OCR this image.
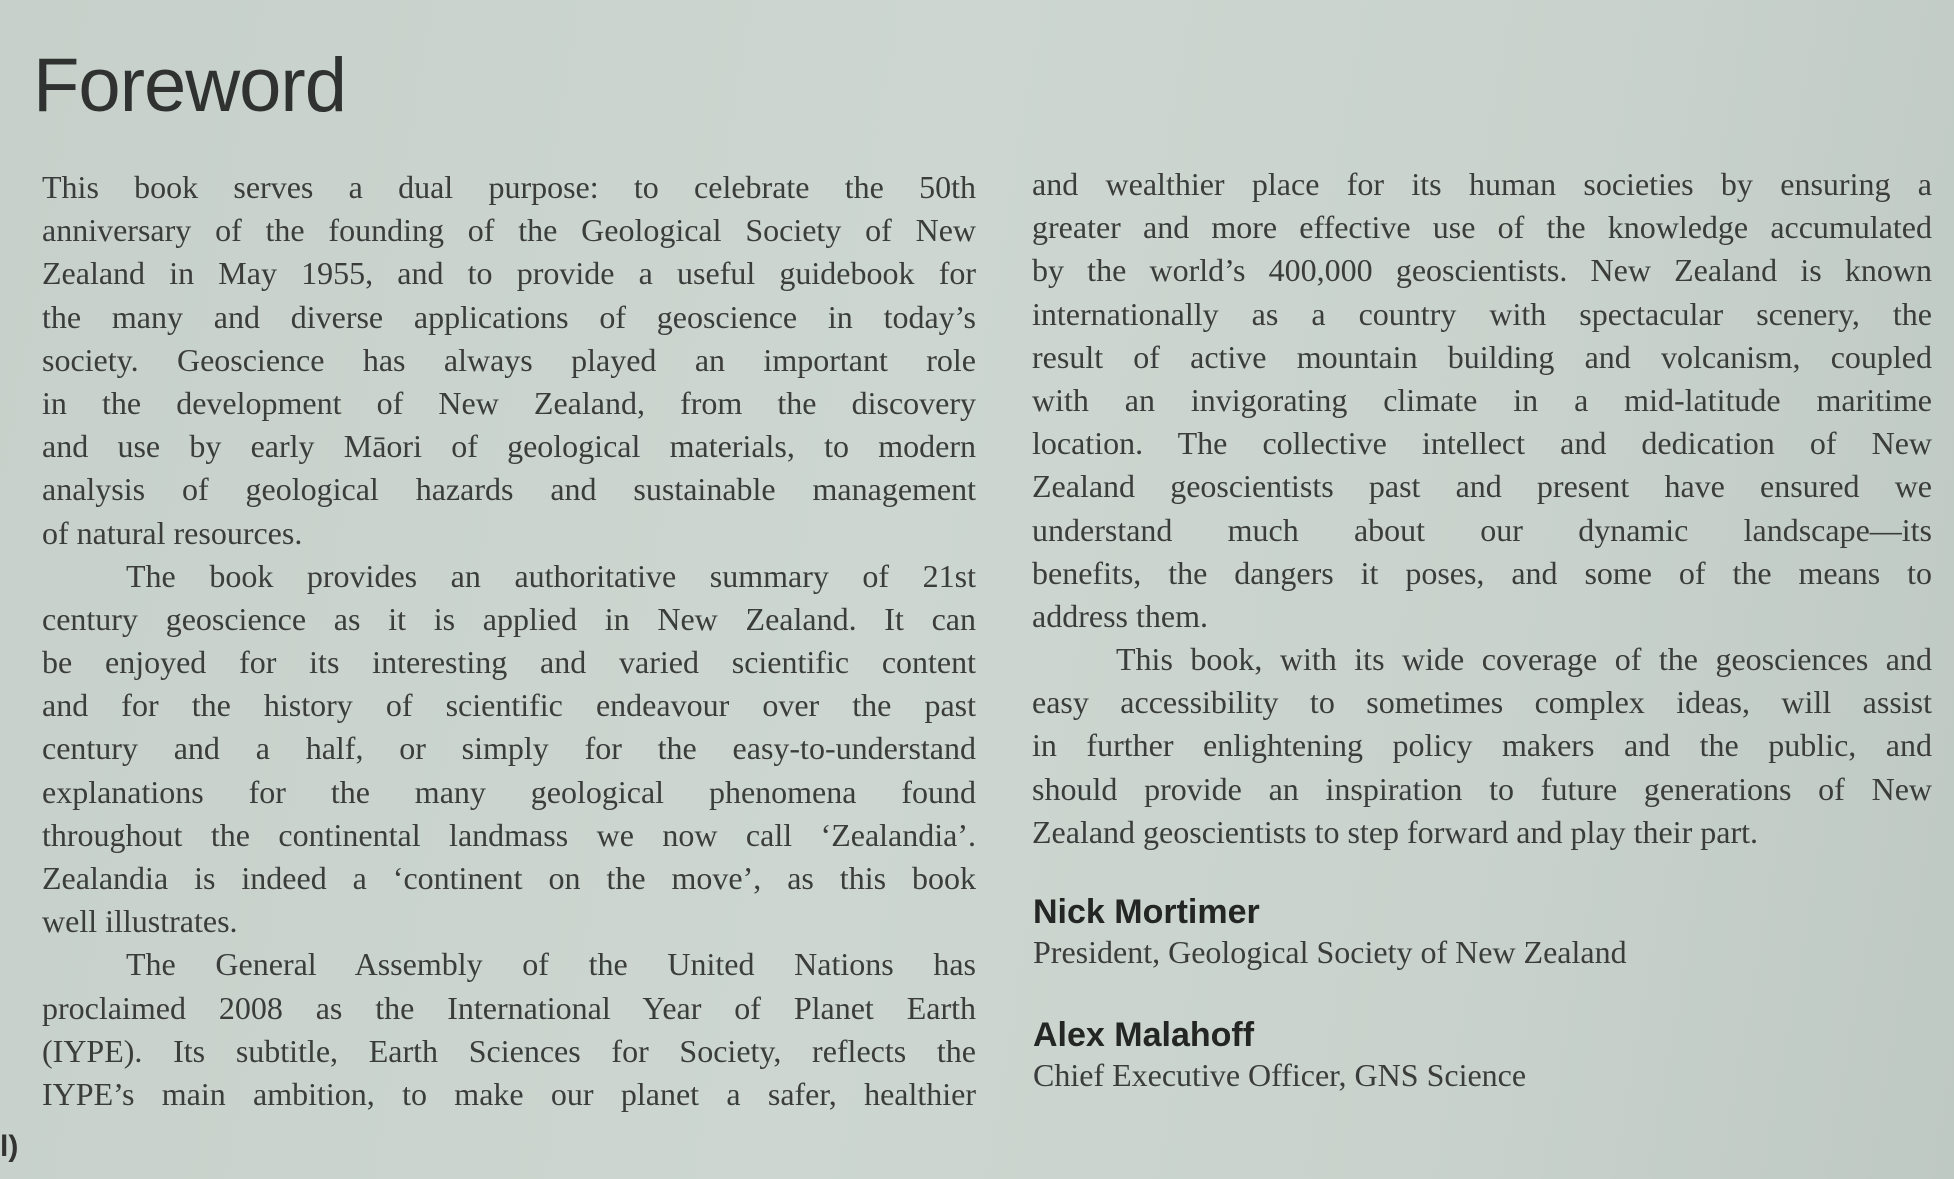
Foreword
This book serves a dual purpose: to celebrate the 50th
anniversary of the founding of the Geological Society of New
Zealand in May 1955, and to provide a useful guidebook for
the many and diverse applications of geoscience in today’s
society. Geoscience has always played an important role
in the development of New Zealand, from the discovery
and use by early Māori of geological materials, to modern
analysis of geological hazards and sustainable management
of natural resources.
The book provides an authoritative summary of 21st
century geoscience as it is applied in New Zealand. It can
be enjoyed for its interesting and varied scientific content
and for the history of scientific endeavour over the past
century and a half, or simply for the easy-to-understand
explanations for the many geological phenomena found
throughout the continental landmass we now call ‘Zealandia’.
Zealandia is indeed a ‘continent on the move’, as this book
well illustrates.
The General Assembly of the United Nations has
proclaimed 2008 as the International Year of Planet Earth
(IYPE). Its subtitle, Earth Sciences for Society, reflects the
IYPE’s main ambition, to make our planet a safer, healthier
and wealthier place for its human societies by ensuring a
greater and more effective use of the knowledge accumulated
by the world’s 400,000 geoscientists. New Zealand is known
internationally as a country with spectacular scenery, the
result of active mountain building and volcanism, coupled
with an invigorating climate in a mid-latitude maritime
location. The collective intellect and dedication of New
Zealand geoscientists past and present have ensured we
understand much about our dynamic landscape—its
benefits, the dangers it poses, and some of the means to
address them.
This book, with its wide coverage of the geosciences and
easy accessibility to sometimes complex ideas, will assist
in further enlightening policy makers and the public, and
should provide an inspiration to future generations of New
Zealand geoscientists to step forward and play their part.
Nick Mortimer
President, Geological Society of New Zealand
Alex Malahoff
Chief Executive Officer, GNS Science
l)
